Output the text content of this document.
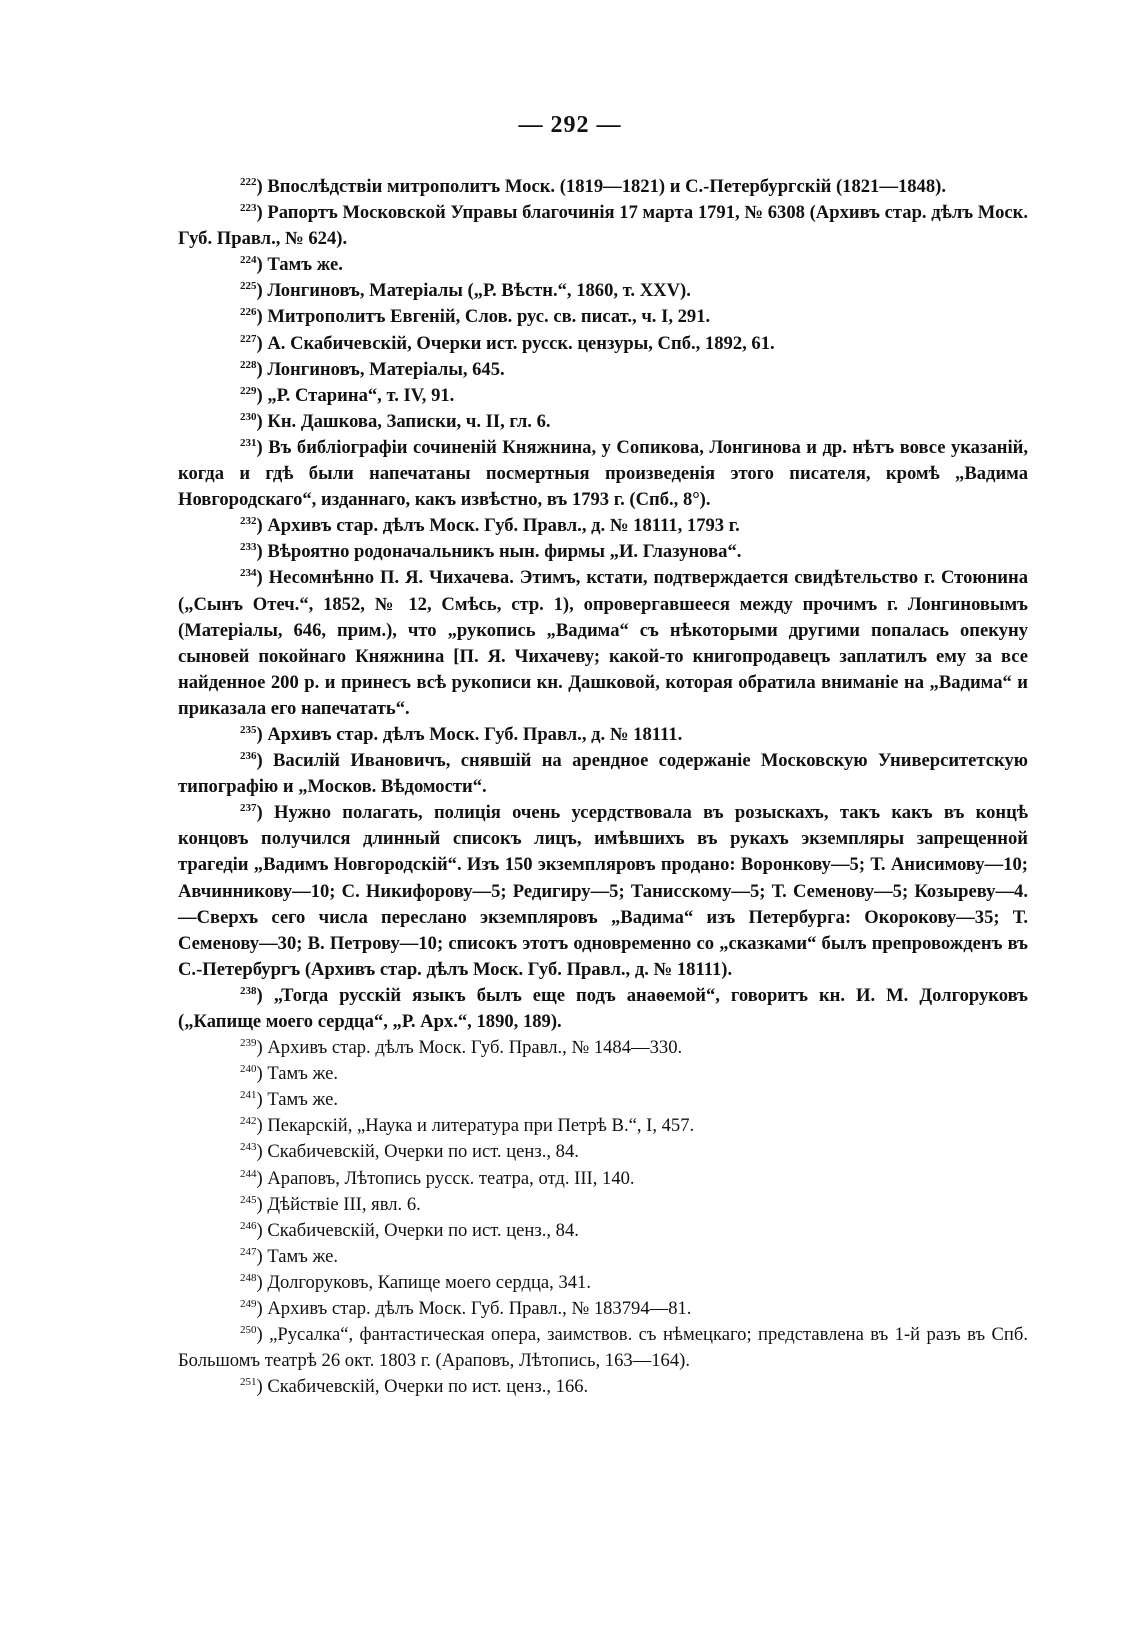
— 292 —

$^{222}$) Впослѣдствіи митрополитъ Моск. (1819—1821) и С.-Петербургскій (1821—1848).

$^{223}$) Рапортъ Московской Управы благочинія 17 марта 1791, № 6308 (Архивъ стар. дѣлъ Моск. Губ. Правл., № 624).

$^{224}$) Тамъ же.

$^{225}$) Лонгиновъ, Матеріалы („Р. Вѣстн.“, 1860, т. XXV).

$^{226}$) Митрополитъ Евгеній, Слов. рус. св. писат., ч. I, 291.

$^{227}$) А. Скабичевскій, Очерки ист. русск. цензуры, Спб., 1892, 61.

$^{228}$) Лонгиновъ, Матеріалы, 645.

$^{229}$) „Р. Старина“, т. IV, 91.

$^{230}$) Кн. Дашкова, Записки, ч. II, гл. 6.

$^{231}$) Въ библіографіи сочиненій Княжнина, у Сопикова, Лонгинова и др. нѣтъ вовсе указаній, когда и гдѣ были напечатаны посмертныя произведенія этого писателя, кромѣ „Вадима Новгородскаго“, изданнаго, какъ извѣстно, въ 1793 г. (Спб., 8°).

$^{232}$) Архивъ стар. дѣлъ Моск. Губ. Правл., д. № 18111, 1793 г.

$^{233}$) Вѣроятно родоначальникъ нын. фирмы „И. Глазунова“.

$^{234}$) Несомнѣнно П. Я. Чихачева. Этимъ, кстати, подтверждается свидѣтельство г. Стоюнина („Сынъ Отеч.“, 1852, № 12, Смѣсь, стр. 1), опровергавшееся между прочимъ г. Лонгиновымъ (Матеріалы, 646, прим.), что „рукопись „Вадима“ съ нѣкоторыми другими попалась опекуну сыновей покойнаго Княжнина [П. Я. Чихачеву; какой-то книгопродавецъ заплатилъ ему за все найденное 200 р. и принесъ всѣ рукописи кн. Дашковой, которая обратила вниманіе на „Вадима“ и приказала его напечатать“.

$^{235}$) Архивъ стар. дѣлъ Моск. Губ. Правл., д. № 18111.

$^{236}$) Василій Ивановичъ, снявшій на арендное содержаніе Московскую Университетскую типографію и „Москов. Вѣдомости“.

$^{237}$) Нужно полагать, полиція очень усердствовала въ розыскахъ, такъ какъ въ концѣ концовъ получился длинный списокъ лицъ, имѣвшихъ въ рукахъ экземпляры запрещенной трагедіи „Вадимъ Новгородскій“. Изъ 150 экземпляровъ продано: Воронкову—5; Т. Анисимову—10; Авчинникову—10; С. Никифорову—5; Редигиру—5; Танисскому—5; Т. Семенову—5; Козыреву—4.—Сверхъ сего числа переслано экземпляровъ „Вадима“ изъ Петербурга: Окорокову—35; Т. Семенову—30; В. Петрову—10; списокъ этотъ одновременно со „сказками“ былъ препровожденъ въ С.-Петербургъ (Архивъ стар. дѣлъ Моск. Губ. Правл., д. № 18111).

$^{238}$) „Тогда русскій языкъ былъ еще подъ анаѳемой“, говоритъ кн. И. М. Долгоруковъ („Капище моего сердца“, „Р. Арх.“, 1890, 189).

$^{239}$) Архивъ стар. дѣлъ Моск. Губ. Правл., № 1484—330.

$^{240}$) Тамъ же.

$^{241}$) Тамъ же.

$^{242}$) Пекарскій, „Наука и литература при Петрѣ В.“, I, 457.

$^{243}$) Скабичевскій, Очерки по ист. ценз., 84.

$^{244}$) Араповъ, Лѣтопись русск. театра, отд. III, 140.

$^{245}$) Дѣйствіе III, явл. 6.

$^{246}$) Скабичевскій, Очерки по ист. ценз., 84.

$^{247}$) Тамъ же.

$^{248}$) Долгоруковъ, Капище моего сердца, 341.

$^{249}$) Архивъ стар. дѣлъ Моск. Губ. Правл., № 183794—81.

$^{250}$) „Русалка“, фантастическая опера, заимствов. съ нѣмецкаго; представлена въ 1-й разъ въ Спб. Большомъ театрѣ 26 окт. 1803 г. (Араповъ, Лѣтопись, 163—164).

$^{251}$) Скабичевскій, Очерки по ист. ценз., 166.
